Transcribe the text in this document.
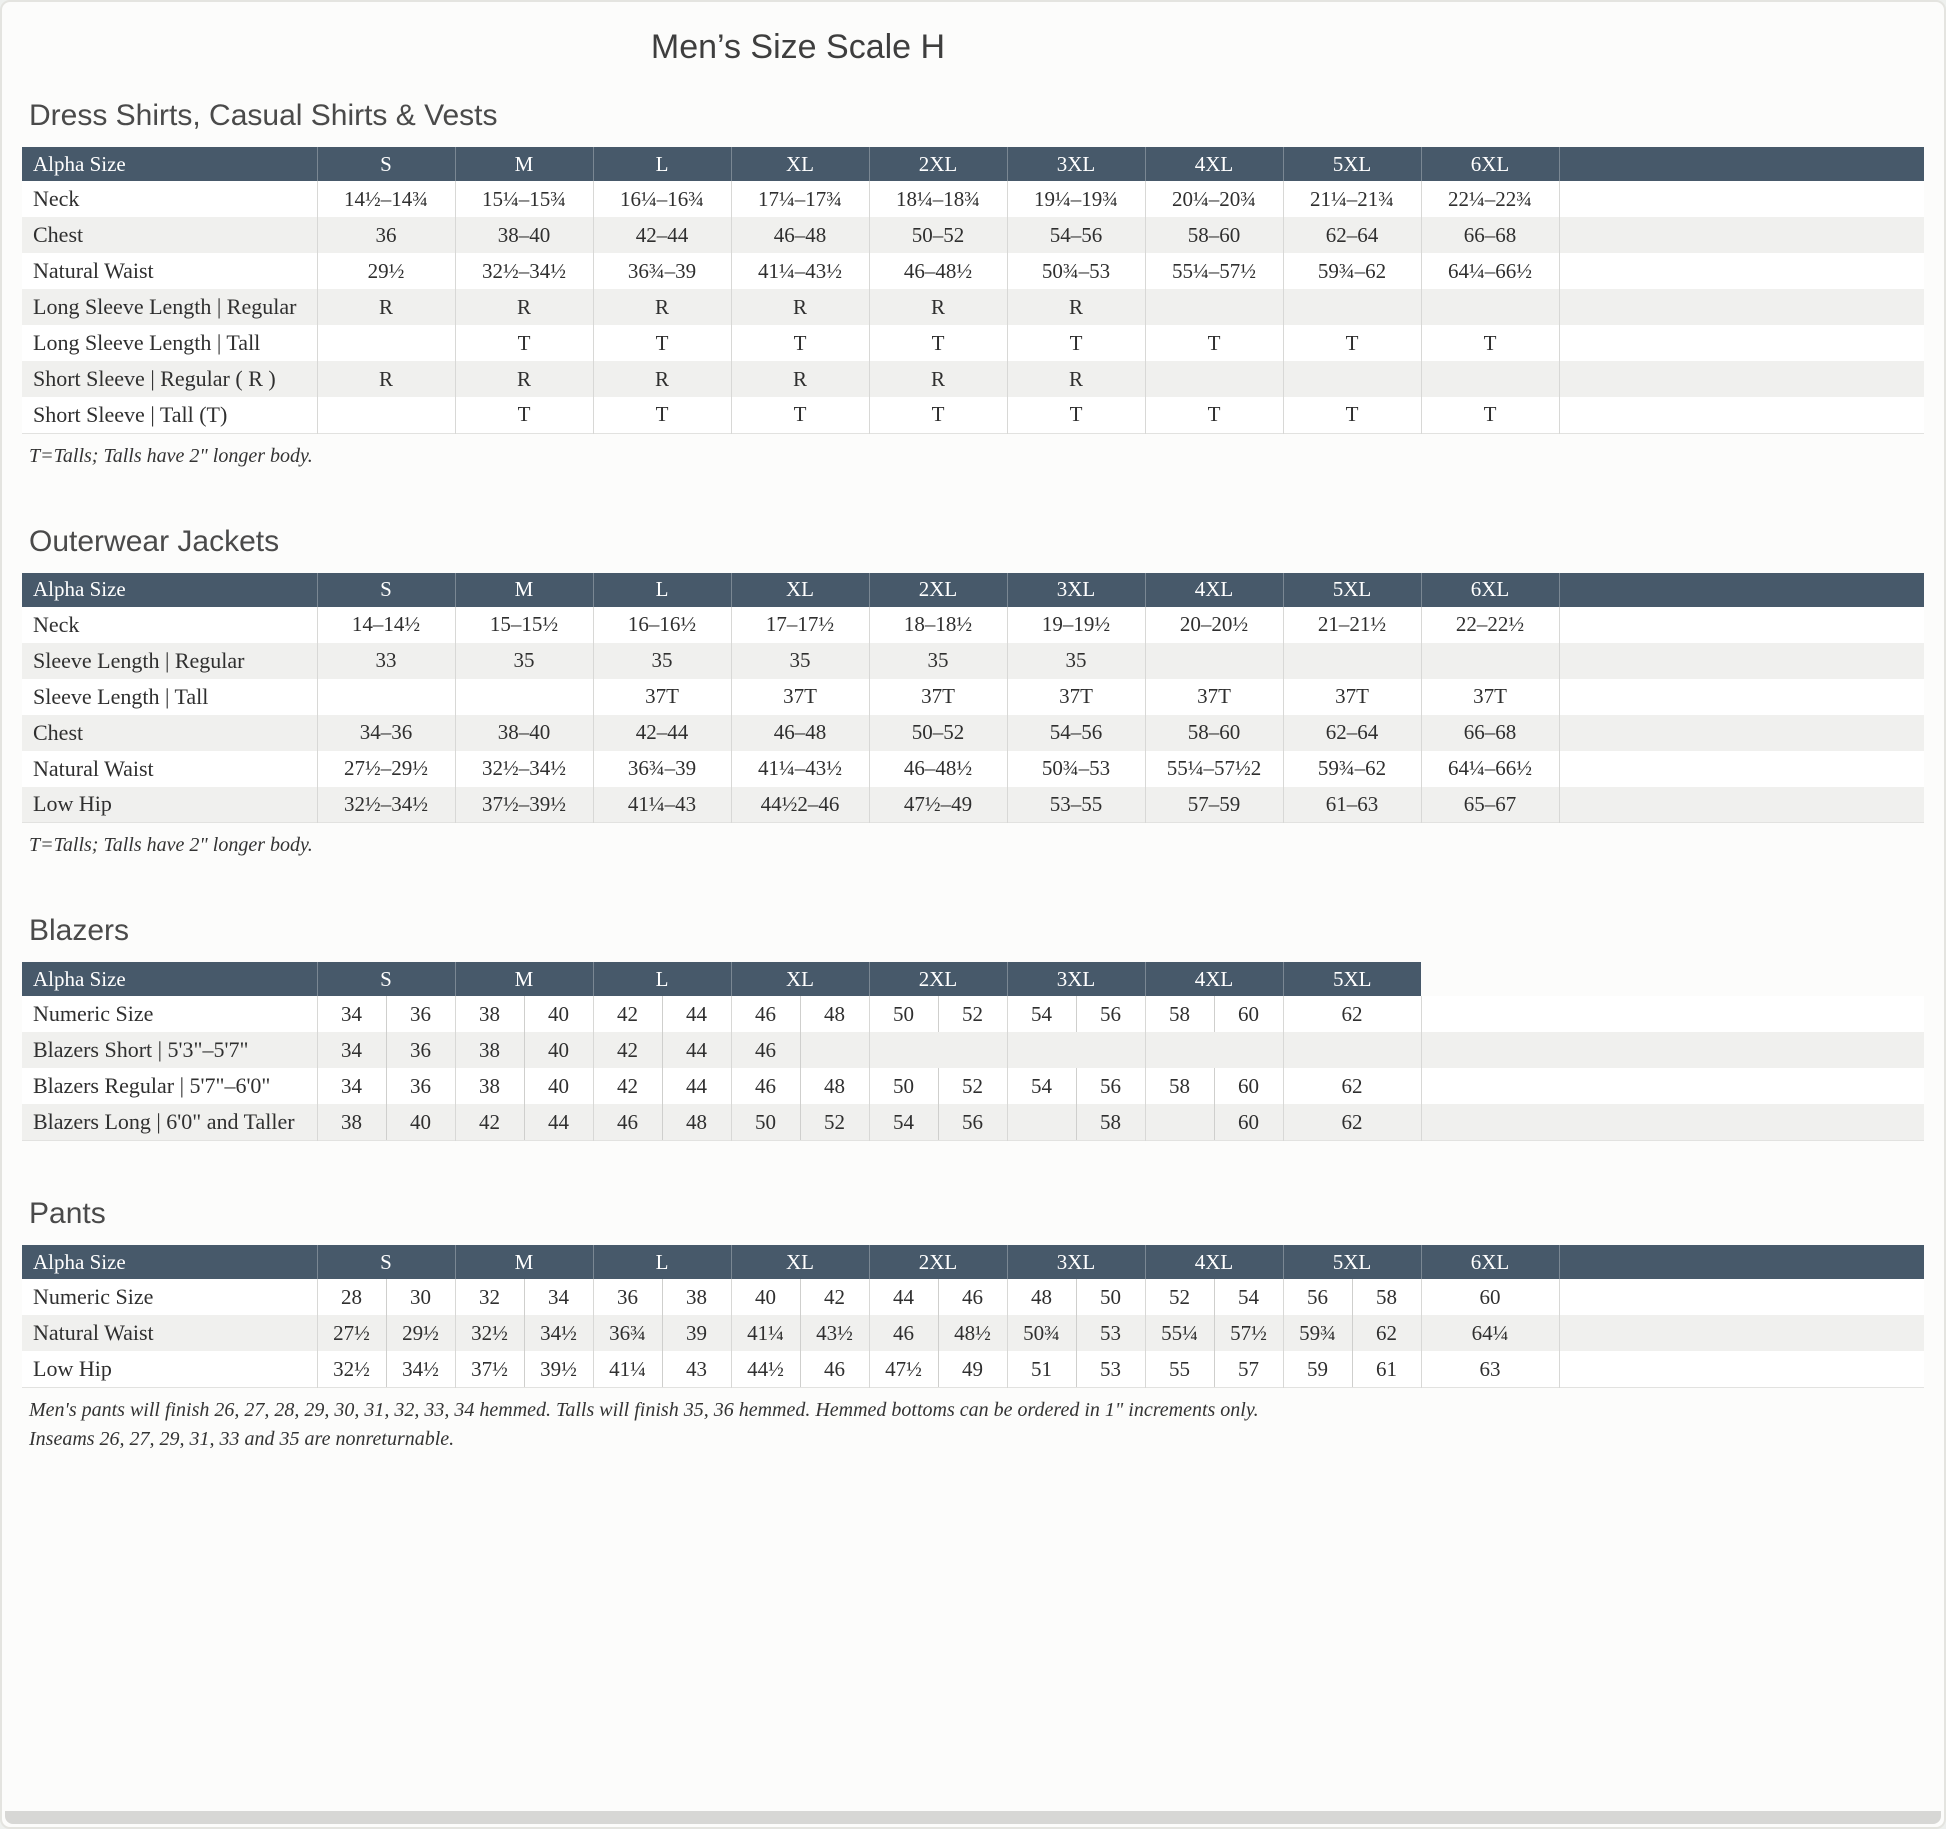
Men’s Size Scale H
Dress Shirts, Casual Shirts & Vests
Alpha Size	S	M	L	XL	2XL	3XL	4XL	5XL	6XL	
Neck	14½–14¾	15¼–15¾	16¼–16¾	17¼–17¾	18¼–18¾	19¼–19¾	20¼–20¾	21¼–21¾	22¼–22¾	
Chest	36	38–40	42–44	46–48	50–52	54–56	58–60	62–64	66–68	
Natural Waist	29½	32½–34½	36¾–39	41¼–43½	46–48½	50¾–53	55¼–57½	59¾–62	64¼–66½	
Long Sleeve Length | Regular	R	R	R	R	R	R				
Long Sleeve Length | Tall		T	T	T	T	T	T	T	T	
Short Sleeve | Regular ( R )	R	R	R	R	R	R				
Short Sleeve | Tall (T)		T	T	T	T	T	T	T	T	
T=Talls; Talls have 2" longer body.
Outerwear Jackets
Alpha Size	S	M	L	XL	2XL	3XL	4XL	5XL	6XL	
Neck	14–14½	15–15½	16–16½	17–17½	18–18½	19–19½	20–20½	21–21½	22–22½	
Sleeve Length | Regular	33	35	35	35	35	35				
Sleeve Length | Tall			37T	37T	37T	37T	37T	37T	37T	
Chest	34–36	38–40	42–44	46–48	50–52	54–56	58–60	62–64	66–68	
Natural Waist	27½–29½	32½–34½	36¾–39	41¼–43½	46–48½	50¾–53	55¼–57½2	59¾–62	64¼–66½	
Low Hip	32½–34½	37½–39½	41¼–43	44½2–46	47½–49	53–55	57–59	61–63	65–67	
T=Talls; Talls have 2" longer body.
Blazers
Alpha Size	S	M	L	XL	2XL	3XL	4XL	5XL	
Numeric Size	34 36	38 40	42 44	46 48	50 52	54 56	58 60	62	
Blazers Short | 5'3"–5'7"	34 36	38 40	42 44	46					

Blazers Regular | 5'7"–6'0"	34 36	38 40	42 44	46 48	50 52	54 56	58 60	62	
Blazers Long | 6'0" and Taller	38 40	42 44	46 48	50 52	54 56	58	60	62	
Pants
Alpha Size	S	M	L	XL	2XL	3XL	4XL	5XL	6XL	
Numeric Size	28 30	32 34	36 38	40 42	44 46	48 50	52 54	56 58	60	
Natural Waist	27½ 29½	32½ 34½	36¾ 39	41¼ 43½	46 48½	50¾ 53	55¼ 57½	59¾ 62	64¼	
Low Hip	32½ 34½	37½ 39½	41¼ 43	44½ 46	47½ 49	51 53	55 57	59 61	63	
Men's pants will finish 26, 27, 28, 29, 30, 31, 32, 33, 34 hemmed. Talls will finish 35, 36 hemmed. Hemmed bottoms can be ordered in 1" increments only.
Inseams 26, 27, 29, 31, 33 and 35 are nonreturnable.
